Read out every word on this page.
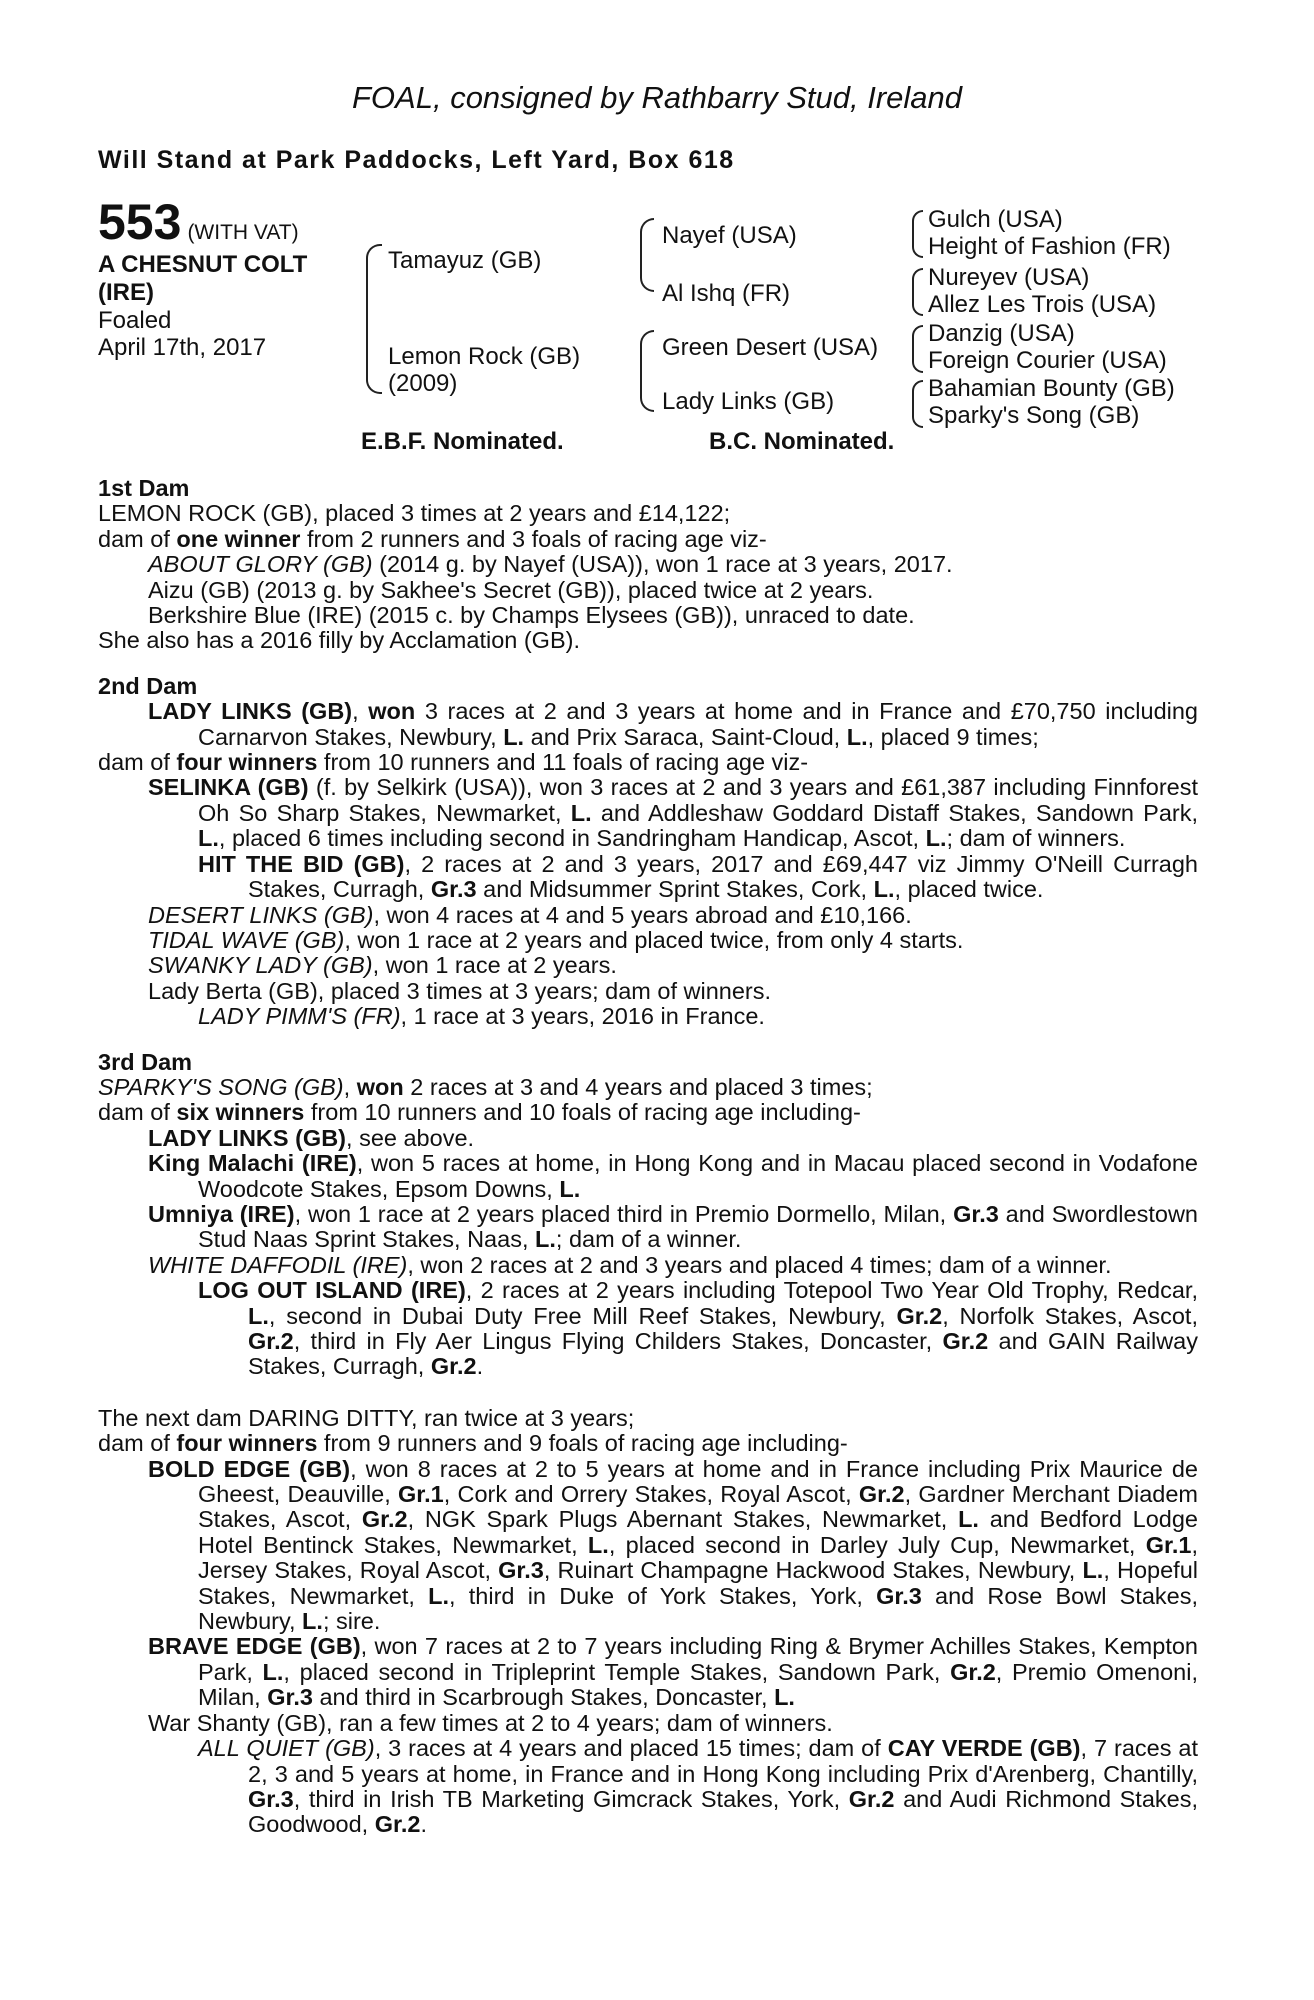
FOAL, consigned by Rathbarry Stud, Ireland
Will Stand at Park Paddocks, Left Yard, Box 618
553 (WITH VAT)
A CHESNUT COLT
(IRE)
Foaled
April 17th, 2017
Tamayuz (GB)
Lemon Rock (GB)
(2009)
Nayef (USA)
Al Ishq (FR)
Green Desert (USA)
Lady Links (GB)
Gulch (USA)
Height of Fashion (FR)
Nureyev (USA)
Allez Les Trois (USA)
Danzig (USA)
Foreign Courier (USA)
Bahamian Bounty (GB)
Sparky's Song (GB)
E.B.F. Nominated.	B.C. Nominated.

1st Dam

LEMON ROCK (GB), placed 3 times at 2 years and £14,122;

dam of one winner from 2 runners and 3 foals of racing age viz-

ABOUT GLORY (GB) (2014 g. by Nayef (USA)), won 1 race at 3 years, 2017.

Aizu (GB) (2013 g. by Sakhee's Secret (GB)), placed twice at 2 years.

Berkshire Blue (IRE) (2015 c. by Champs Elysees (GB)), unraced to date.

She also has a 2016 filly by Acclamation (GB).

2nd Dam

LADY LINKS (GB), won 3 races at 2 and 3 years at home and in France and £70,750 including Carnarvon Stakes, Newbury, L. and Prix Saraca, Saint-Cloud, L., placed 9 times;

dam of four winners from 10 runners and 11 foals of racing age viz-

SELINKA (GB) (f. by Selkirk (USA)), won 3 races at 2 and 3 years and £61,387 including Finnforest Oh So Sharp Stakes, Newmarket, L. and Addleshaw Goddard Distaff Stakes, Sandown Park, L., placed 6 times including second in Sandringham Handicap, Ascot, L.; dam of winners.

HIT THE BID (GB), 2 races at 2 and 3 years, 2017 and £69,447 viz Jimmy O'Neill Curragh Stakes, Curragh, Gr.3 and Midsummer Sprint Stakes, Cork, L., placed twice.

DESERT LINKS (GB), won 4 races at 4 and 5 years abroad and £10,166.

TIDAL WAVE (GB), won 1 race at 2 years and placed twice, from only 4 starts.

SWANKY LADY (GB), won 1 race at 2 years.

Lady Berta (GB), placed 3 times at 3 years; dam of winners.

LADY PIMM'S (FR), 1 race at 3 years, 2016 in France.

3rd Dam

SPARKY'S SONG (GB), won 2 races at 3 and 4 years and placed 3 times;

dam of six winners from 10 runners and 10 foals of racing age including-

LADY LINKS (GB), see above.

King Malachi (IRE), won 5 races at home, in Hong Kong and in Macau placed second in Vodafone Woodcote Stakes, Epsom Downs, L.

Umniya (IRE), won 1 race at 2 years placed third in Premio Dormello, Milan, Gr.3 and Swordlestown Stud Naas Sprint Stakes, Naas, L.; dam of a winner.

WHITE DAFFODIL (IRE), won 2 races at 2 and 3 years and placed 4 times; dam of a winner.

LOG OUT ISLAND (IRE), 2 races at 2 years including Totepool Two Year Old Trophy, Redcar, L., second in Dubai Duty Free Mill Reef Stakes, Newbury, Gr.2, Norfolk Stakes, Ascot, Gr.2, third in Fly Aer Lingus Flying Childers Stakes, Doncaster, Gr.2 and GAIN Railway Stakes, Curragh, Gr.2.

The next dam DARING DITTY, ran twice at 3 years;

dam of four winners from 9 runners and 9 foals of racing age including-

BOLD EDGE (GB), won 8 races at 2 to 5 years at home and in France including Prix Maurice de Gheest, Deauville, Gr.1, Cork and Orrery Stakes, Royal Ascot, Gr.2, Gardner Merchant Diadem Stakes, Ascot, Gr.2, NGK Spark Plugs Abernant Stakes, Newmarket, L. and Bedford Lodge Hotel Bentinck Stakes, Newmarket, L., placed second in Darley July Cup, Newmarket, Gr.1, Jersey Stakes, Royal Ascot, Gr.3, Ruinart Champagne Hackwood Stakes, Newbury, L., Hopeful Stakes, Newmarket, L., third in Duke of York Stakes, York, Gr.3 and Rose Bowl Stakes, Newbury, L.; sire.

BRAVE EDGE (GB), won 7 races at 2 to 7 years including Ring & Brymer Achilles Stakes, Kempton Park, L., placed second in Tripleprint Temple Stakes, Sandown Park, Gr.2, Premio Omenoni, Milan, Gr.3 and third in Scarbrough Stakes, Doncaster, L.

War Shanty (GB), ran a few times at 2 to 4 years; dam of winners.

ALL QUIET (GB), 3 races at 4 years and placed 15 times; dam of CAY VERDE (GB), 7 races at 2, 3 and 5 years at home, in France and in Hong Kong including Prix d'Arenberg, Chantilly, Gr.3, third in Irish TB Marketing Gimcrack Stakes, York, Gr.2 and Audi Richmond Stakes, Goodwood, Gr.2.
